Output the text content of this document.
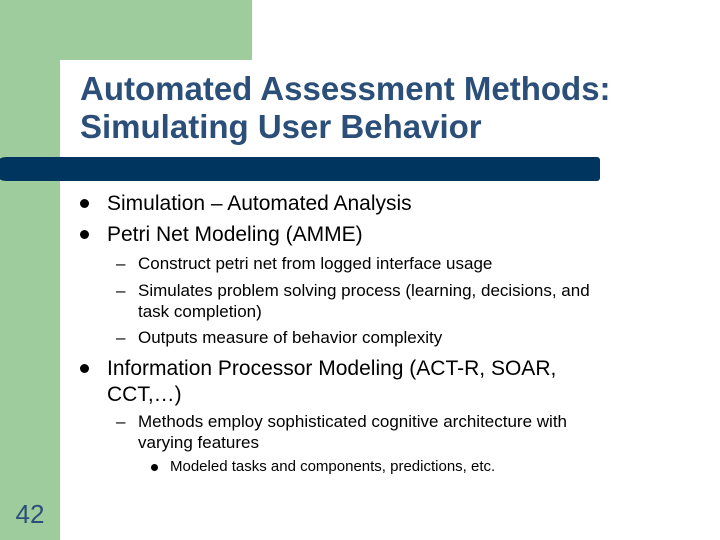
Automated Assessment Methods:
Simulating User Behavior
Simulation – Automated Analysis
Petri Net Modeling (AMME)
– Construct petri net from logged interface usage
– Simulates problem solving process (learning, decisions, and
task completion)
– Outputs measure of behavior complexity
Information Processor Modeling (ACT-R, SOAR,
CCT,…)
– Methods employ sophisticated cognitive architecture with
varying features
Modeled tasks and components, predictions, etc.
42
